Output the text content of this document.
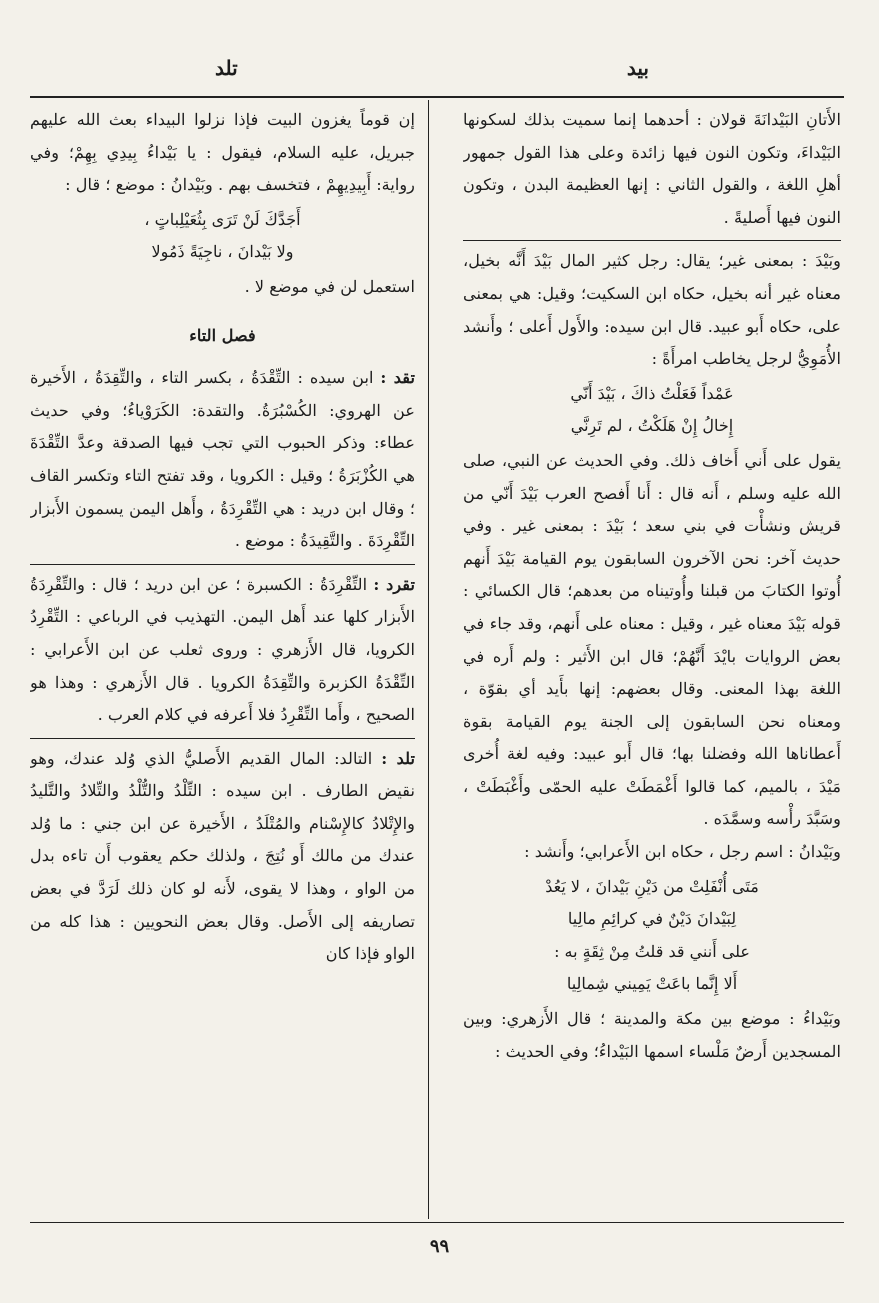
بيد
تلد

الأَتانِ البَيْدانَةَ قولان : أحدهما إنما سميت بذلك لسكونها البَيْداءَ، وتكون النون فيها زائدة وعلى هذا القول جمهور أهلِ اللغة ، والقول الثاني : إنها العظيمة البدن ، وتكون النون فيها أَصليةً .

وبَيْدَ : بمعنى غير؛ يقال: رجل كثير المال بَيْدَ أَنَّه بخيل، معناه غير أنه بخيل، حكاه ابن السكيت؛ وقيل: هي بمعنى على، حكاه أَبو عبيد. قال ابن سيده: والأَول أَعلى ؛ وأَنشد الأُمَوِيُّ لرجل يخاطب امرأَةً :

عَمْداً فَعَلْتُ ذاكَ ، بَيْدَ أَنّي
إِخالُ إِنْ هَلَكْتُ ، لم تَرِنَّي

يقول على أَني أَخاف ذلك. وفي الحديث عن النبي، صلى الله عليه وسلم ، أَنه قال : أَنا أَفصح العرب بَيْدَ أَنّي من قريش ونشأْت في بني سعد ؛ بَيْدَ : بمعنى غير . وفي حديث آخر: نحن الآخرون السابقون يوم القيامة بَيْدَ أَنهم أُوتوا الكتابَ من قبلنا وأُوتيناه من بعدهم؛ قال الكسائي : قوله بَيْدَ معناه غير ، وقيل : معناه على أَنهم، وقد جاء في بعض الروايات بايْدَ أَنَّهُمْ؛ قال ابن الأَثير : ولم أَره في اللغة بهذا المعنى. وقال بعضهم: إنها بأَيد أي بقوّة ، ومعناه نحن السابقون إلى الجنة يوم القيامة بقوة أَعطاناها الله وفضلنا بها؛ قال أَبو عبيد: وفيه لغة أُخرى مَيْدَ ، بالميم، كما قالوا أَغْمَطَتْ عليه الحمّى وأَغْبَطَتْ ، وسَبَّدَ رأْسه وسمَّدَه .

وبَيْدانُ : اسم رجل ، حكاه ابن الأَعرابي؛ وأَنشد :

مَتَى أُنْفَلِتْ من دَيْنِ بَيْدانَ ، لا يَعُدْ
لِبَيْدانَ دَيْنٌ في كرائِمِ مالِيا
على أَنني قد قلتُ مِنْ ثِقَةٍ به :
أَلا إِنَّما باعَتْ يَمِيني شِمالِيا

وبَيْداءُ : موضع بين مكة والمدينة ؛ قال الأَزهري: وبين المسجدين أَرضٌ مَلْساء اسمها البَيْداءُ؛ وفي الحديث :

إن قوماً يغزون البيت فإذا نزلوا البيداء بعث الله عليهم جبريل، عليه السلام، فيقول : يا بَيْداءُ بِيدِي بِهِمْ؛ وفي رواية: أَبِيدِيهِمْ ، فتخسف بهم . وبَيْدانُ : موضع ؛ قال :

أَجَدَّكَ لَنْ تَرَى بِثُعَيْلِباتٍ ،
ولا بَيْدانَ ، ناجِيَةً ذَمُولا

استعمل لن في موضع لا .

فصل التاء

تقد : ابن سيده : التِّقْدَةُ ، بكسر التاء ، والتِّقِدَةُ ، الأَخيرة عن الهروي: الكُسْبُرَةُ. والتقدة: الكَرَوْياءُ؛ وفي حديث عطاء: وذكر الحبوب التي تجب فيها الصدقة وعدَّ التِّقْدَةَ هي الكُزْبَرَةُ ؛ وقيل : الكرويا ، وقد تفتح التاء وتكسر القاف ؛ وقال ابن دريد : هي التِّقْرِدَةُ ، وأَهل اليمن يسمون الأَبزار التِّقْرِدَةَ . والتَّقِيدَةُ : موضع .

تقرد : التِّقْرِدَةُ : الكسبرة ؛ عن ابن دريد ؛ قال : والتِّقْرِدَةُ الأَبزار كلها عند أَهل اليمن. التهذيب في الرباعي : التِّقْرِدُ الكرويا، قال الأَزهري : وروى ثعلب عن ابن الأَعرابي : التِّقْدَةُ الكزبرة والتِّقِدَةُ الكرويا . قال الأَزهري : وهذا هو الصحيح ، وأَما التِّقْرِدُ فلا أَعرفه في كلام العرب .

تلد : التالد: المال القديم الأَصليُّ الذي وُلد عندك، وهو نقيض الطارف . ابن سيده : التِّلْدُ والتُّلْدُ والتِّلادُ والتَّليدُ والإِتْلادُ كالإِسْنام والمُتْلَدُ ، الأَخيرة عن ابن جني : ما وُلد عندك من مالك أَو نُتِجَ ، ولذلك حكم يعقوب أَن تاءه بدل من الواو ، وهذا لا يقوى، لأَنه لو كان ذلك لَرَدَّ في بعض تصاريفه إلى الأَصل. وقال بعض النحويين : هذا كله من الواو فإذا كان

٩٩
